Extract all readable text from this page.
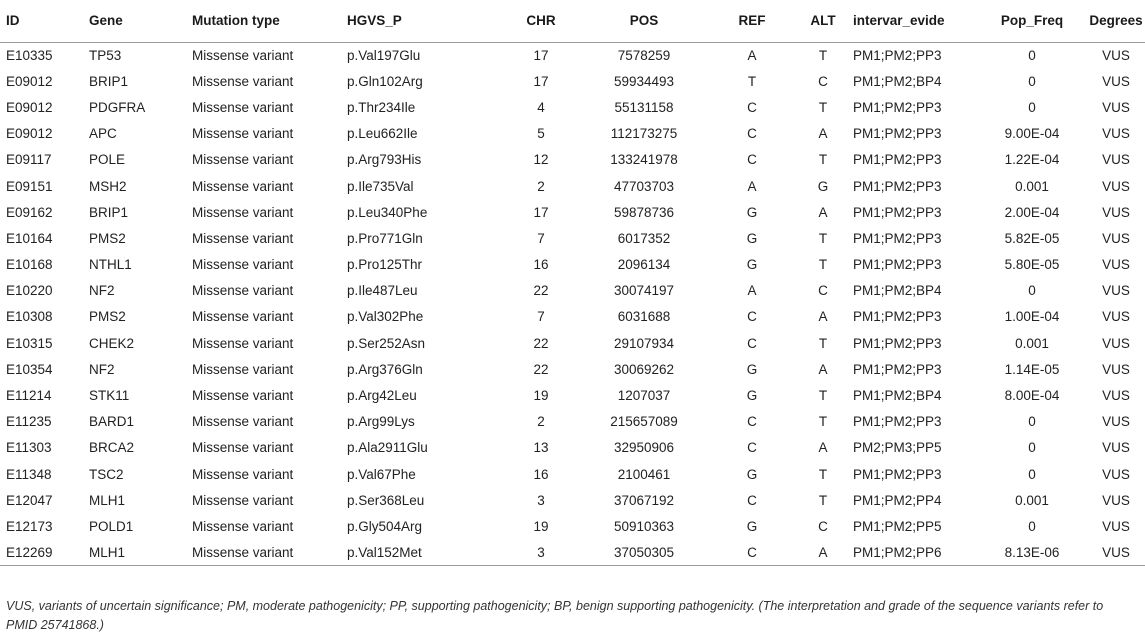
ID	Gene	Mutation type	HGVS_P	CHR	POS	REF	ALT	intervar_evide	Pop_Freq	Degrees
E10335	TP53	Missense variant	p.Val197Glu	17	7578259	A	T	PM1;PM2;PP3	0	VUS
E09012	BRIP1	Missense variant	p.Gln102Arg	17	59934493	T	C	PM1;PM2;BP4	0	VUS
E09012	PDGFRA	Missense variant	p.Thr234Ile	4	55131158	C	T	PM1;PM2;PP3	0	VUS
E09012	APC	Missense variant	p.Leu662Ile	5	112173275	C	A	PM1;PM2;PP3	9.00E-04	VUS
E09117	POLE	Missense variant	p.Arg793His	12	133241978	C	T	PM1;PM2;PP3	1.22E-04	VUS
E09151	MSH2	Missense variant	p.Ile735Val	2	47703703	A	G	PM1;PM2;PP3	0.001	VUS
E09162	BRIP1	Missense variant	p.Leu340Phe	17	59878736	G	A	PM1;PM2;PP3	2.00E-04	VUS
E10164	PMS2	Missense variant	p.Pro771Gln	7	6017352	G	T	PM1;PM2;PP3	5.82E-05	VUS
E10168	NTHL1	Missense variant	p.Pro125Thr	16	2096134	G	T	PM1;PM2;PP3	5.80E-05	VUS
E10220	NF2	Missense variant	p.Ile487Leu	22	30074197	A	C	PM1;PM2;BP4	0	VUS
E10308	PMS2	Missense variant	p.Val302Phe	7	6031688	C	A	PM1;PM2;PP3	1.00E-04	VUS
E10315	CHEK2	Missense variant	p.Ser252Asn	22	29107934	C	T	PM1;PM2;PP3	0.001	VUS
E10354	NF2	Missense variant	p.Arg376Gln	22	30069262	G	A	PM1;PM2;PP3	1.14E-05	VUS
E11214	STK11	Missense variant	p.Arg42Leu	19	1207037	G	T	PM1;PM2;BP4	8.00E-04	VUS
E11235	BARD1	Missense variant	p.Arg99Lys	2	215657089	C	T	PM1;PM2;PP3	0	VUS
E11303	BRCA2	Missense variant	p.Ala2911Glu	13	32950906	C	A	PM2;PM3;PP5	0	VUS
E11348	TSC2	Missense variant	p.Val67Phe	16	2100461	G	T	PM1;PM2;PP3	0	VUS
E12047	MLH1	Missense variant	p.Ser368Leu	3	37067192	C	T	PM1;PM2;PP4	0.001	VUS
E12173	POLD1	Missense variant	p.Gly504Arg	19	50910363	G	C	PM1;PM2;PP5	0	VUS
E12269	MLH1	Missense variant	p.Val152Met	3	37050305	C	A	PM1;PM2;PP6	8.13E-06	VUS
VUS, variants of uncertain significance; PM, moderate pathogenicity; PP, supporting pathogenicity; BP, benign supporting pathogenicity. (The interpretation and grade of the sequence variants refer to PMID 25741868.)
